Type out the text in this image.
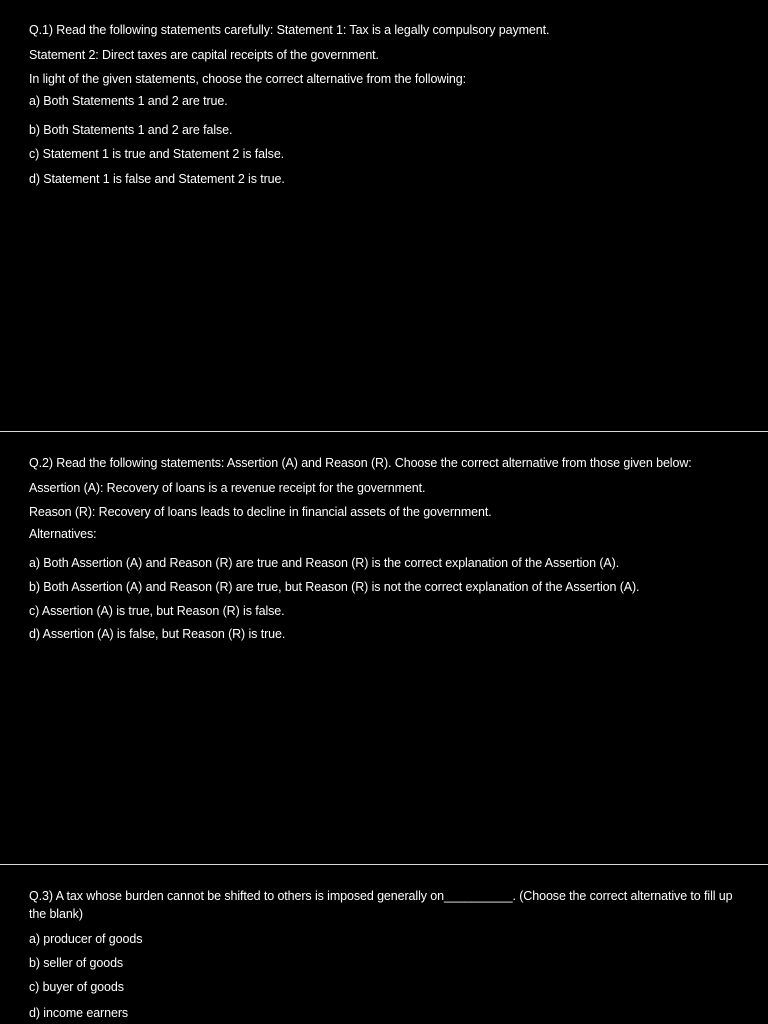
Q.1) Read the following statements carefully: Statement 1: Tax is a legally compulsory payment.
Statement 2: Direct taxes are capital receipts of the government.
In light of the given statements, choose the correct alternative from the following:
a) Both Statements 1 and 2 are true.
b) Both Statements 1 and 2 are false.
c) Statement 1 is true and Statement 2 is false.
d) Statement 1 is false and Statement 2 is true.
Q.2) Read the following statements: Assertion (A) and Reason (R). Choose the correct alternative from those given below:
Assertion (A): Recovery of loans is a revenue receipt for the government.
Reason (R): Recovery of loans leads to decline in financial assets of the government.
Alternatives:
a) Both Assertion (A) and Reason (R) are true and Reason (R) is the correct explanation of the Assertion (A).
b) Both Assertion (A) and Reason (R) are true, but Reason (R) is not the correct explanation of the Assertion (A).
c) Assertion (A) is true, but Reason (R) is false.
d) Assertion (A) is false, but Reason (R) is true.
Q.3) A tax whose burden cannot be shifted to others is imposed generally on__________. (Choose the correct alternative to fill up the blank)
a) producer of goods
b) seller of goods
c) buyer of goods
d) income earners
